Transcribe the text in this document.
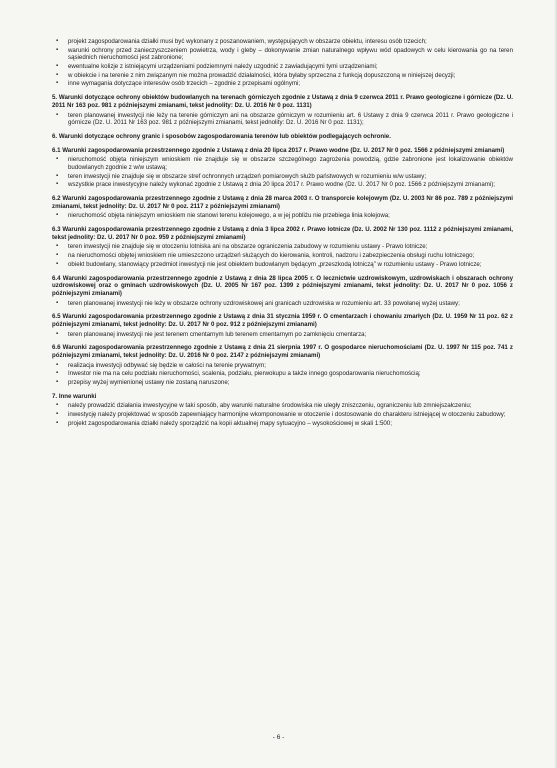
▪ projekt zagospodarowania działki musi być wykonany z poszanowaniem, występujących w obszarze obiektu, interesu osób trzecich;
▪ warunki ochrony przed zanieczyszczeniem powietrza, wody i gleby – dokonywanie zmian naturalnego wpływu wód opadowych w celu kierowania go na teren sąsiednich nieruchomości jest zabronione;
▪ ewentualne kolizje z istniejącymi urządzeniami podziemnymi należy uzgodnić z zawiadującymi tymi urządzeniami;
▪ w obiekcie i na terenie z nim związanym nie można prowadzić działalności, która byłaby sprzeczna z funkcją dopuszczoną w niniejszej decyzji;
▪ inne wymagania dotyczące interesów osób trzecich – zgodnie z przepisami ogólnymi;
5. Warunki dotyczące ochrony obiektów budowlanych na terenach górniczych zgodnie z Ustawą z dnia 9 czerwca 2011 r. Prawo geologiczne i górnicze (Dz. U. 2011 Nr 163 poz. 981 z późniejszymi zmianami, tekst jednolity: Dz. U. 2016 Nr 0 poz. 1131)
▪ teren planowanej inwestycji nie leży na terenie górniczym ani na obszarze górniczym w rozumieniu art. 6 Ustawy z dnia 9 czerwca 2011 r. Prawo geologiczne i górnicze (Dz. U. 2011 Nr 163 poz. 981 z późniejszymi zmianami, tekst jednolity: Dz. U. 2016 Nr 0 poz. 1131);
6. Warunki dotyczące ochrony granic i sposobów zagospodarowania terenów lub obiektów podlegających ochronie.
6.1 Warunki zagospodarowania przestrzennego zgodnie z Ustawą z dnia 20 lipca 2017 r. Prawo wodne (Dz. U. 2017 Nr 0 poz. 1566 z późniejszymi zmianami)
▪ nieruchomość objęta niniejszym wnioskiem nie znajduje się w obszarze szczególnego zagrożenia powodzią, gdzie zabronione jest lokalizowanie obiektów budowlanych zgodnie z w/w ustawą;
▪ teren inwestycji nie znajduje się w obszarze stref ochronnych urządzeń pomiarowych służb państwowych w rozumieniu w/w ustawy;
▪ wszystkie prace inwestycyjne należy wykonać zgodnie z Ustawą z dnia 20 lipca 2017 r. Prawo wodne (Dz. U. 2017 Nr 0 poz. 1566 z późniejszymi zmianami);
6.2 Warunki zagospodarowania przestrzennego zgodnie z Ustawą z dnia 28 marca 2003 r. O transporcie kolejowym (Dz. U. 2003 Nr 86 poz. 789 z późniejszymi zmianami, tekst jednolity: Dz. U. 2017 Nr 0 poz. 2117 z późniejszymi zmianami)
▪ nieruchomość objęta niniejszym wnioskiem nie stanowi terenu kolejowego, a w jej pobliżu nie przebiega linia kolejowa;
6.3 Warunki zagospodarowania przestrzennego zgodnie z Ustawą z dnia 3 lipca 2002 r. Prawo lotnicze (Dz. U. 2002 Nr 130 poz. 1112 z późniejszymi zmianami, tekst jednolity: Dz. U. 2017 Nr 0 poz. 959 z późniejszymi zmianami)
▪ teren inwestycji nie znajduje się w otoczeniu lotniska ani na obszarze ograniczenia zabudowy w rozumieniu ustawy - Prawo lotnicze;
▪ na nieruchomości objętej wnioskiem nie umieszczono urządzeń służących do kierowania, kontroli, nadzoru i zabezpieczenia obsługi ruchu lotniczego;
▪ obiekt budowlany, stanowiący przedmiot inwestycji nie jest obiektem budowlanym będącym „przeszkodą lotniczą” w rozumieniu ustawy - Prawo lotnicze;
6.4 Warunki zagospodarowania przestrzennego zgodnie z Ustawą z dnia 28 lipca 2005 r. O lecznictwie uzdrowiskowym, uzdrowiskach i obszarach ochrony uzdrowiskowej oraz o gminach uzdrowiskowych (Dz. U. 2005 Nr 167 poz. 1399 z późniejszymi zmianami, tekst jednolity: Dz. U. 2017 Nr 0 poz. 1056 z późniejszymi zmianami)
▪ teren planowanej inwestycji nie leży w obszarze ochrony uzdrowiskowej ani granicach uzdrowiska w rozumieniu art. 33 powołanej wyżej ustawy;
6.5 Warunki zagospodarowania przestrzennego zgodnie z Ustawą z dnia 31 stycznia 1959 r. O cmentarzach i chowaniu zmarłych (Dz. U. 1959 Nr 11 poz. 62 z późniejszymi zmianami, tekst jednolity: Dz. U. 2017 Nr 0 poz. 912 z późniejszymi zmianami)
▪ teren planowanej inwestycji nie jest terenem cmentarnym lub terenem cmentarnym po zamknięciu cmentarza;
6.6 Warunki zagospodarowania przestrzennego zgodnie z Ustawą z dnia 21 sierpnia 1997 r. O gospodarce nieruchomościami (Dz. U. 1997 Nr 115 poz. 741 z późniejszymi zmianami, tekst jednolity: Dz. U. 2016 Nr 0 poz. 2147 z późniejszymi zmianami)
▪ realizacja inwestycji odbywać się będzie w całości na terenie prywatnym;
▪ Inwestor nie ma na celu podziału nieruchomości, scalenia, podziału, pierwokupu a także innego gospodarowania nieruchomością;
▪ przepisy wyżej wymienionej ustawy nie zostaną naruszone;
7. Inne warunki
▪ należy prowadzić działania inwestycyjne w taki sposób, aby warunki naturalne środowiska nie uległy zniszczeniu, ograniczeniu lub zmniejszałczeniu;
▪ inwestycję należy projektować w sposób zapewniający harmonijne wkomponowanie w otoczenie i dostosowanie do charakteru istniejącej w otoczeniu zabudowy;
▪ projekt zagospodarowania działki należy sporządzić na kopii aktualnej mapy sytuacyjno – wysokościowej w skali 1:500;
- 6 -
